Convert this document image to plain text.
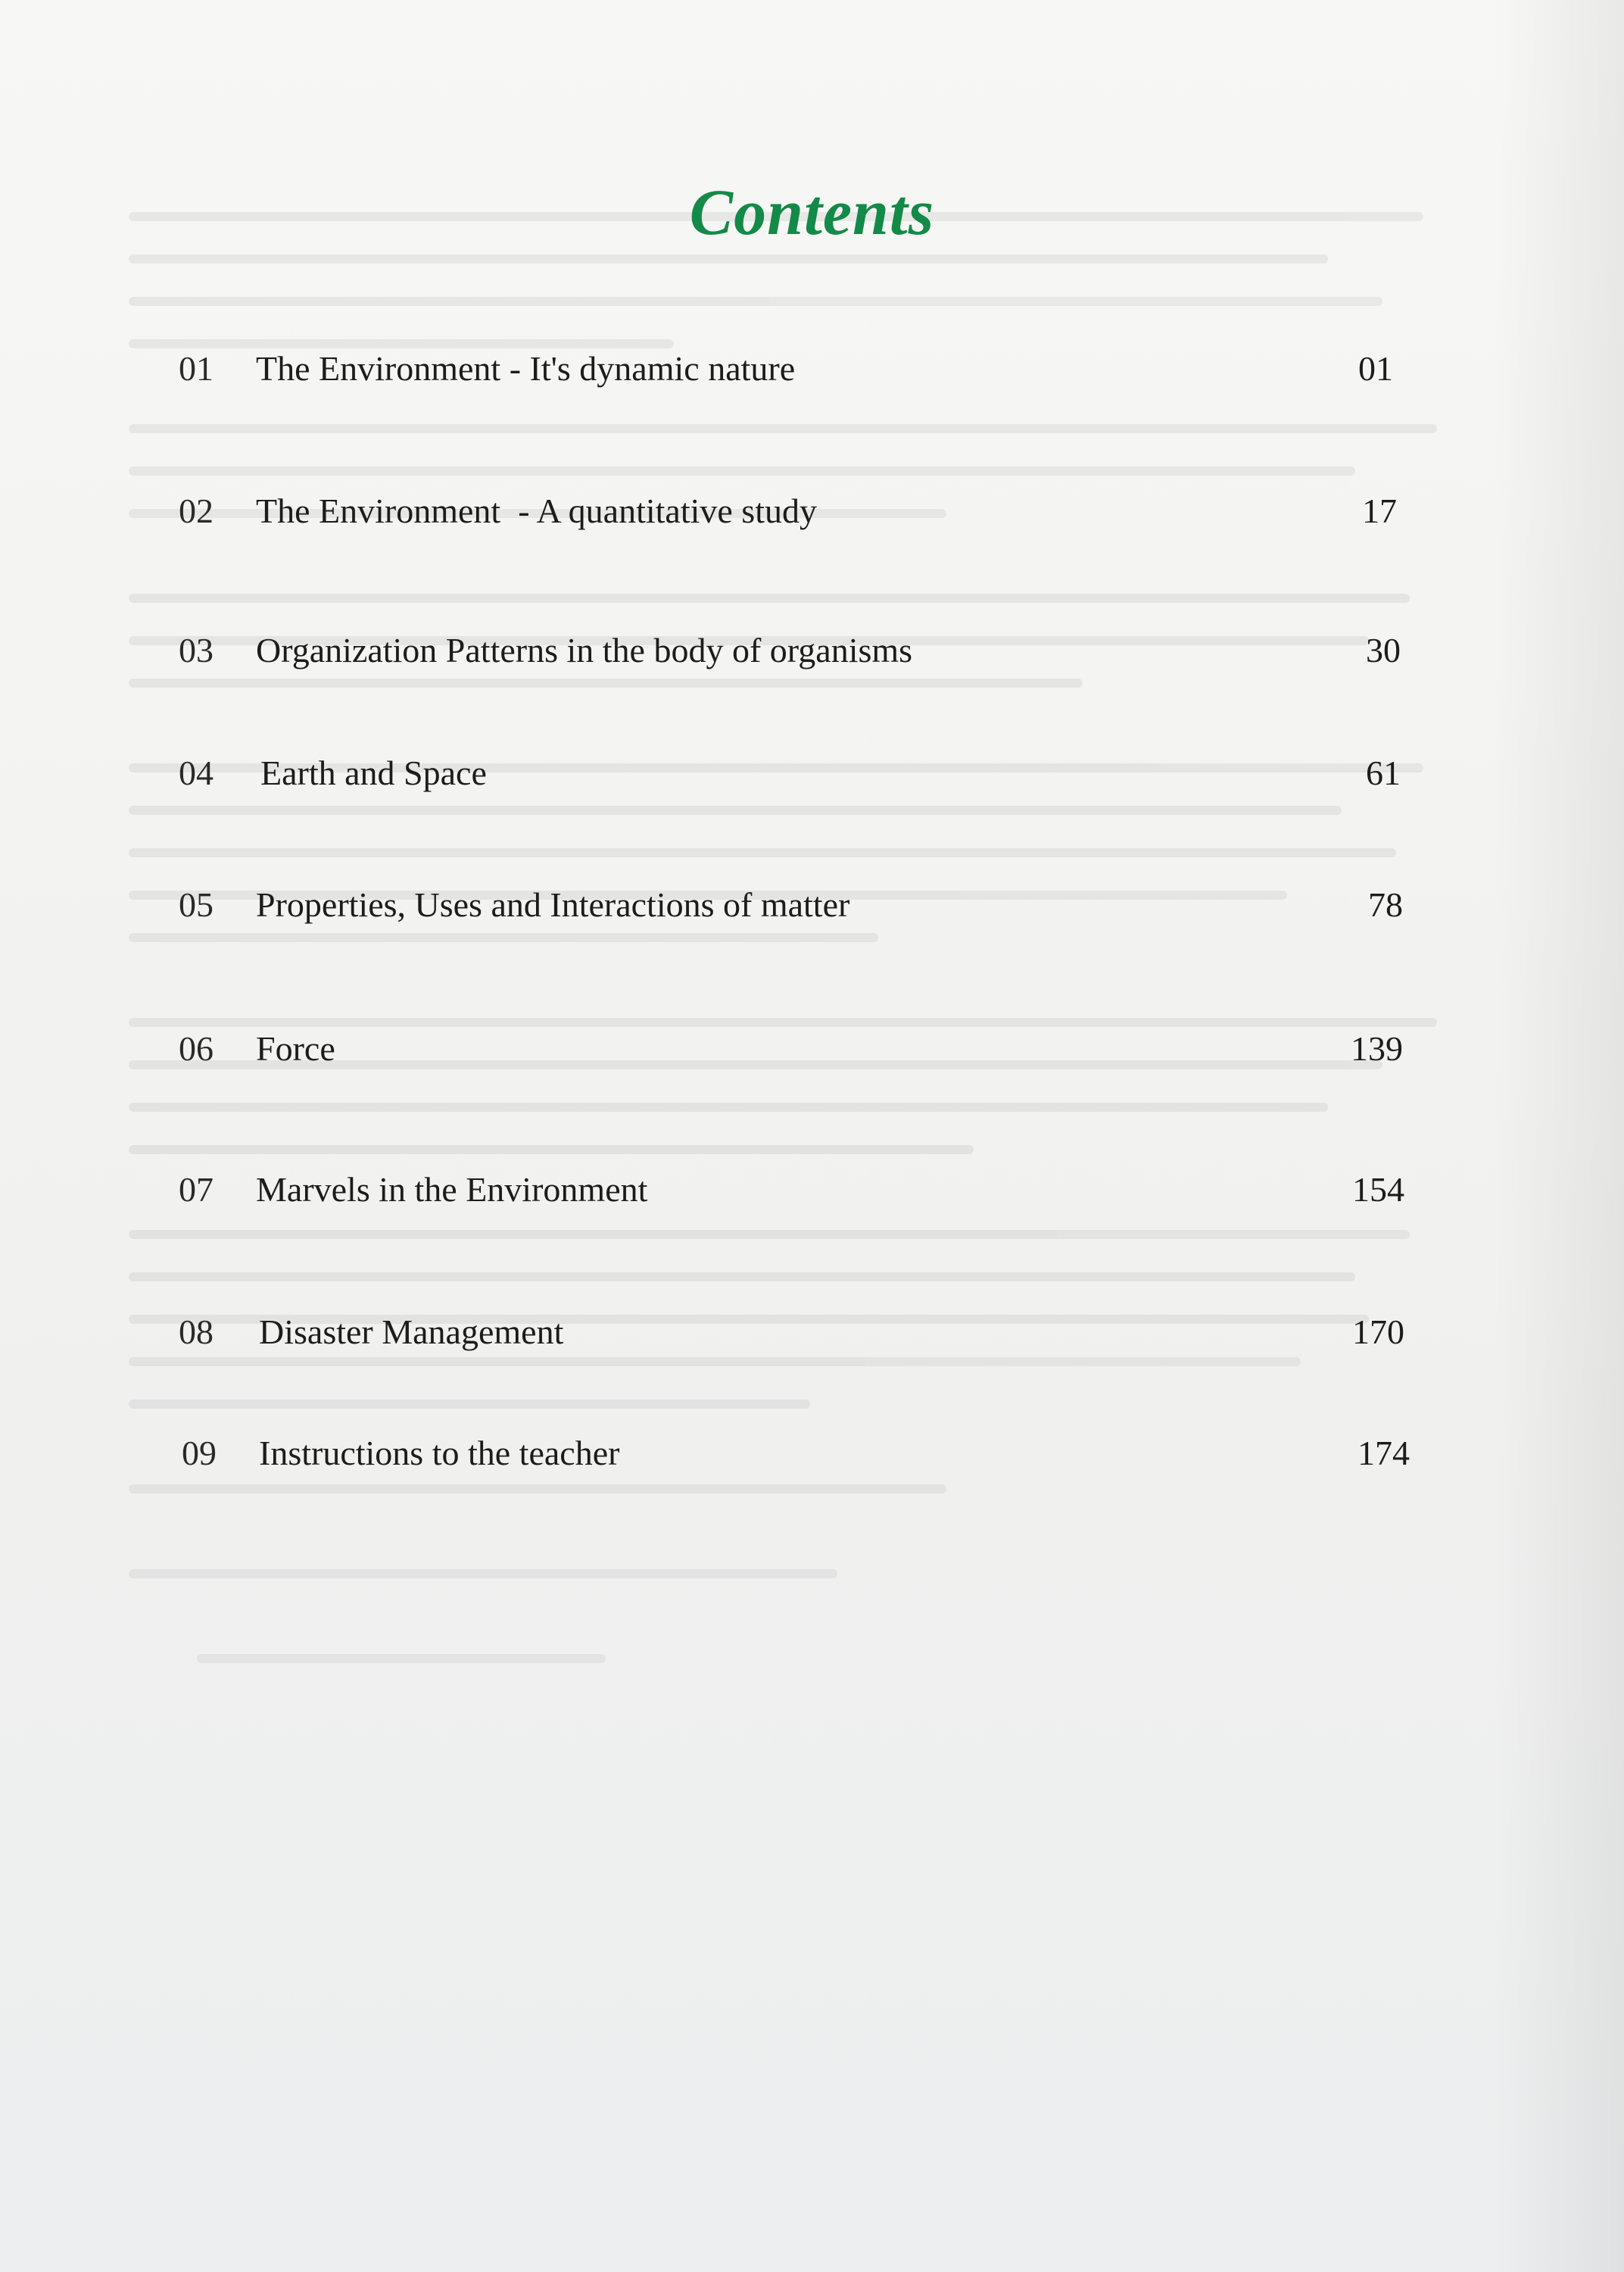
Contents
01 The Environment - It's dynamic nature	01
02 The Environment  - A quantitative study	17
03 Organization Patterns in the body of organisms	30
04 Earth and Space	61
05 Properties, Uses and Interactions of matter	78
06 Force	139
07 Marvels in the Environment	154
08 Disaster Management	170
09 Instructions to the teacher	174
